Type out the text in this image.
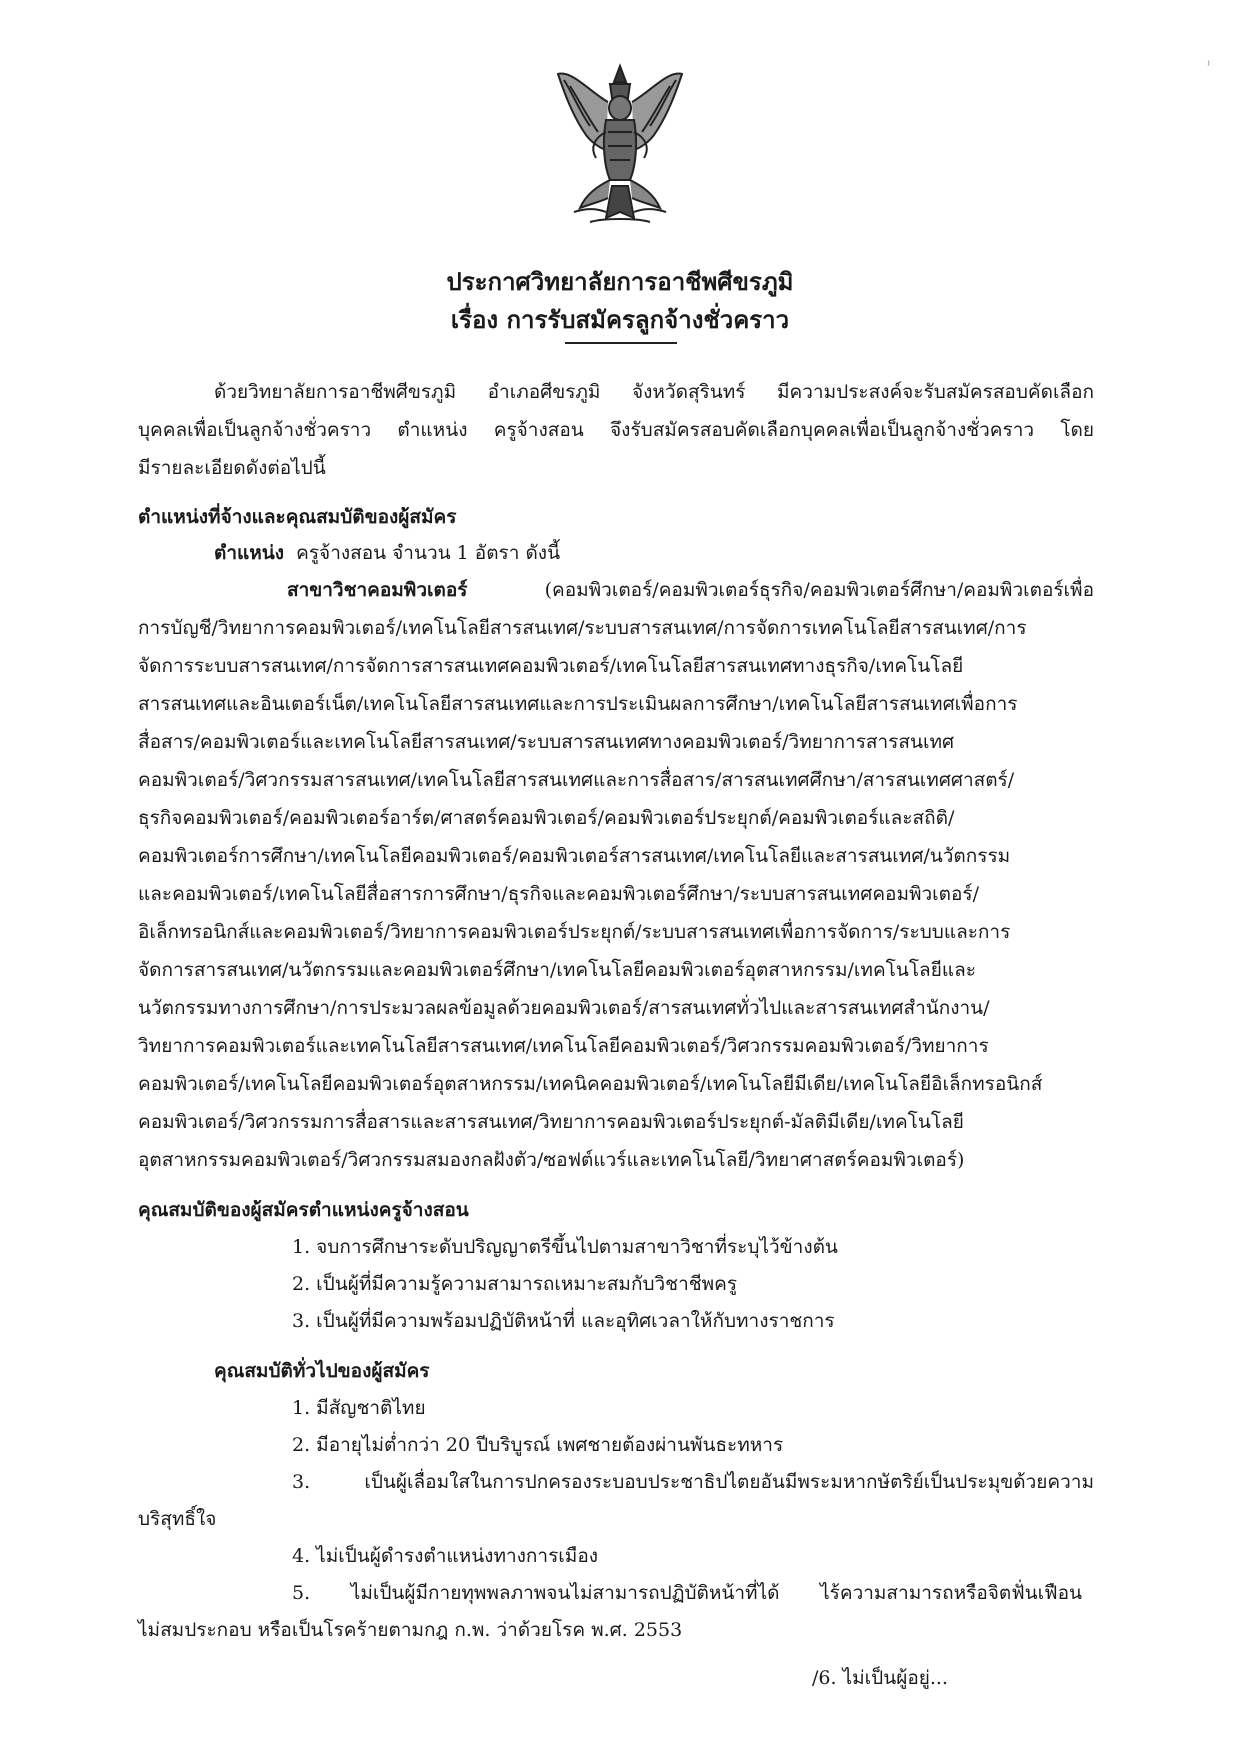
⁾
ประกาศวิทยาลัยการอาชีพศีขรภูมิ
เรื่อง การรับสมัครลูกจ้างชั่วคราว
ด้วยวิทยาลัยการอาชีพศีขรภูมิ อำเภอศีขรภูมิ จังหวัดสุรินทร์ มีความประสงค์จะรับสมัครสอบคัดเลือก
บุคคลเพื่อเป็นลูกจ้างชั่วคราว ตำแหน่ง ครูจ้างสอน จึงรับสมัครสอบคัดเลือกบุคคลเพื่อเป็นลูกจ้างชั่วคราว โดย
มีรายละเอียดดังต่อไปนี้
ตำแหน่งที่จ้างและคุณสมบัติของผู้สมัคร
ตำแหน่ง ครูจ้างสอน จำนวน 1 อัตรา ดังนี้
สาขาวิชาคอมพิวเตอร์	(คอมพิวเตอร์/คอมพิวเตอร์ธุรกิจ/คอมพิวเตอร์ศึกษา/คอมพิวเตอร์เพื่อ
การบัญชี/วิทยาการคอมพิวเตอร์/เทคโนโลยีสารสนเทศ/ระบบสารสนเทศ/การจัดการเทคโนโลยีสารสนเทศ/การ
จัดการระบบสารสนเทศ/การจัดการสารสนเทศคอมพิวเตอร์/เทคโนโลยีสารสนเทศทางธุรกิจ/เทคโนโลยี
สารสนเทศและอินเตอร์เน็ต/เทคโนโลยีสารสนเทศและการประเมินผลการศึกษา/เทคโนโลยีสารสนเทศเพื่อการ
สื่อสาร/คอมพิวเตอร์และเทคโนโลยีสารสนเทศ/ระบบสารสนเทศทางคอมพิวเตอร์/วิทยาการสารสนเทศ
คอมพิวเตอร์/วิศวกรรมสารสนเทศ/เทคโนโลยีสารสนเทศและการสื่อสาร/สารสนเทศศึกษา/สารสนเทศศาสตร์/
ธุรกิจคอมพิวเตอร์/คอมพิวเตอร์อาร์ต/ศาสตร์คอมพิวเตอร์/คอมพิวเตอร์ประยุกต์/คอมพิวเตอร์และสถิติ/
คอมพิวเตอร์การศึกษา/เทคโนโลยีคอมพิวเตอร์/คอมพิวเตอร์สารสนเทศ/เทคโนโลยีและสารสนเทศ/นวัตกรรม
และคอมพิวเตอร์/เทคโนโลยีสื่อสารการศึกษา/ธุรกิจและคอมพิวเตอร์ศึกษา/ระบบสารสนเทศคอมพิวเตอร์/
อิเล็กทรอนิกส์และคอมพิวเตอร์/วิทยาการคอมพิวเตอร์ประยุกต์/ระบบสารสนเทศเพื่อการจัดการ/ระบบและการ
จัดการสารสนเทศ/นวัตกรรมและคอมพิวเตอร์ศึกษา/เทคโนโลยีคอมพิวเตอร์อุตสาหกรรม/เทคโนโลยีและ
นวัตกรรมทางการศึกษา/การประมวลผลข้อมูลด้วยคอมพิวเตอร์/สารสนเทศทั่วไปและสารสนเทศสำนักงาน/
วิทยาการคอมพิวเตอร์และเทคโนโลยีสารสนเทศ/เทคโนโลยีคอมพิวเตอร์/วิศวกรรมคอมพิวเตอร์/วิทยาการ
คอมพิวเตอร์/เทคโนโลยีคอมพิวเตอร์อุตสาหกรรม/เทคนิคคอมพิวเตอร์/เทคโนโลยีมีเดีย/เทคโนโลยีอิเล็กทรอนิกส์
คอมพิวเตอร์/วิศวกรรมการสื่อสารและสารสนเทศ/วิทยาการคอมพิวเตอร์ประยุกต์-มัลติมีเดีย/เทคโนโลยี
อุตสาหกรรมคอมพิวเตอร์/วิศวกรรมสมองกลฝังตัว/ซอฟต์แวร์และเทคโนโลยี/วิทยาศาสตร์คอมพิวเตอร์)
คุณสมบัติของผู้สมัครตำแหน่งครูจ้างสอน
1. จบการศึกษาระดับปริญญาตรีขึ้นไปตามสาขาวิชาที่ระบุไว้ข้างต้น
2. เป็นผู้ที่มีความรู้ความสามารถเหมาะสมกับวิชาชีพครู
3. เป็นผู้ที่มีความพร้อมปฏิบัติหน้าที่ และอุทิศเวลาให้กับทางราชการ
คุณสมบัติทั่วไปของผู้สมัคร
1. มีสัญชาติไทย
2. มีอายุไม่ต่ำกว่า 20 ปีบริบูรณ์ เพศชายต้องผ่านพันธะทหาร
3. เป็นผู้เลื่อมใสในการปกครองระบอบประชาธิปไตยอันมีพระมหากษัตริย์เป็นประมุขด้วยความ
บริสุทธิ์ใจ
4. ไม่เป็นผู้ดำรงตำแหน่งทางการเมือง
5. ไม่เป็นผู้มีกายทุพพลภาพจนไม่สามารถปฏิบัติหน้าที่ได้ ไร้ความสามารถหรือจิตฟั่นเฟือน
ไม่สมประกอบ หรือเป็นโรคร้ายตามกฎ ก.พ. ว่าด้วยโรค พ.ศ. 2553
/6. ไม่เป็นผู้อยู่...
